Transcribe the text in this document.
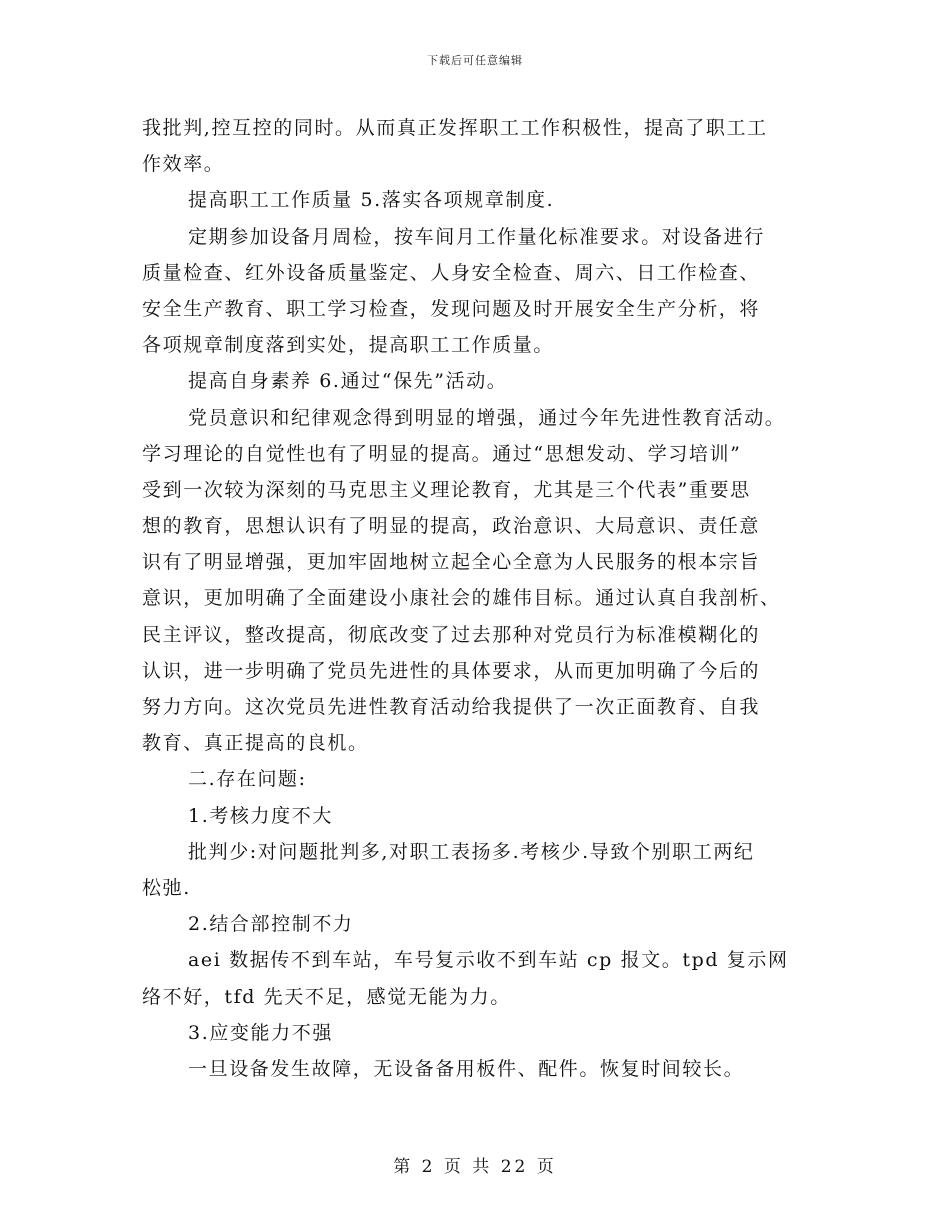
下载后可任意编辑
我批判,控互控的同时。从而真正发挥职工工作积极性，提高了职工工
作效率。
提高职工工作质量 5.落实各项规章制度.
定期参加设备月周检，按车间月工作量化标准要求。对设备进行
质量检查、红外设备质量鉴定、人身安全检查、周六、日工作检查、
安全生产教育、职工学习检查，发现问题及时开展安全生产分析，将
各项规章制度落到实处，提高职工工作质量。
提高自身素养 6.通过“保先”活动。
党员意识和纪律观念得到明显的增强，通过今年先进性教育活动。
学习理论的自觉性也有了明显的提高。通过“思想发动、学习培训”
受到一次较为深刻的马克思主义理论教育，尤其是三个代表”重要思
想的教育，思想认识有了明显的提高，政治意识、大局意识、责任意
识有了明显增强，更加牢固地树立起全心全意为人民服务的根本宗旨
意识，更加明确了全面建设小康社会的雄伟目标。通过认真自我剖析、
民主评议，整改提高，彻底改变了过去那种对党员行为标准模糊化的
认识，进一步明确了党员先进性的具体要求，从而更加明确了今后的
努力方向。这次党员先进性教育活动给我提供了一次正面教育、自我
教育、真正提高的良机。
二.存在问题:
1.考核力度不大
批判少:对问题批判多,对职工表扬多.考核少.导致个别职工两纪
松弛.
2.结合部控制不力
aei 数据传不到车站，车号复示收不到车站 cp 报文。tpd 复示网
络不好，tfd 先天不足，感觉无能为力。
3.应变能力不强
一旦设备发生故障，无设备备用板件、配件。恢复时间较长。
第 2 页 共 22 页
